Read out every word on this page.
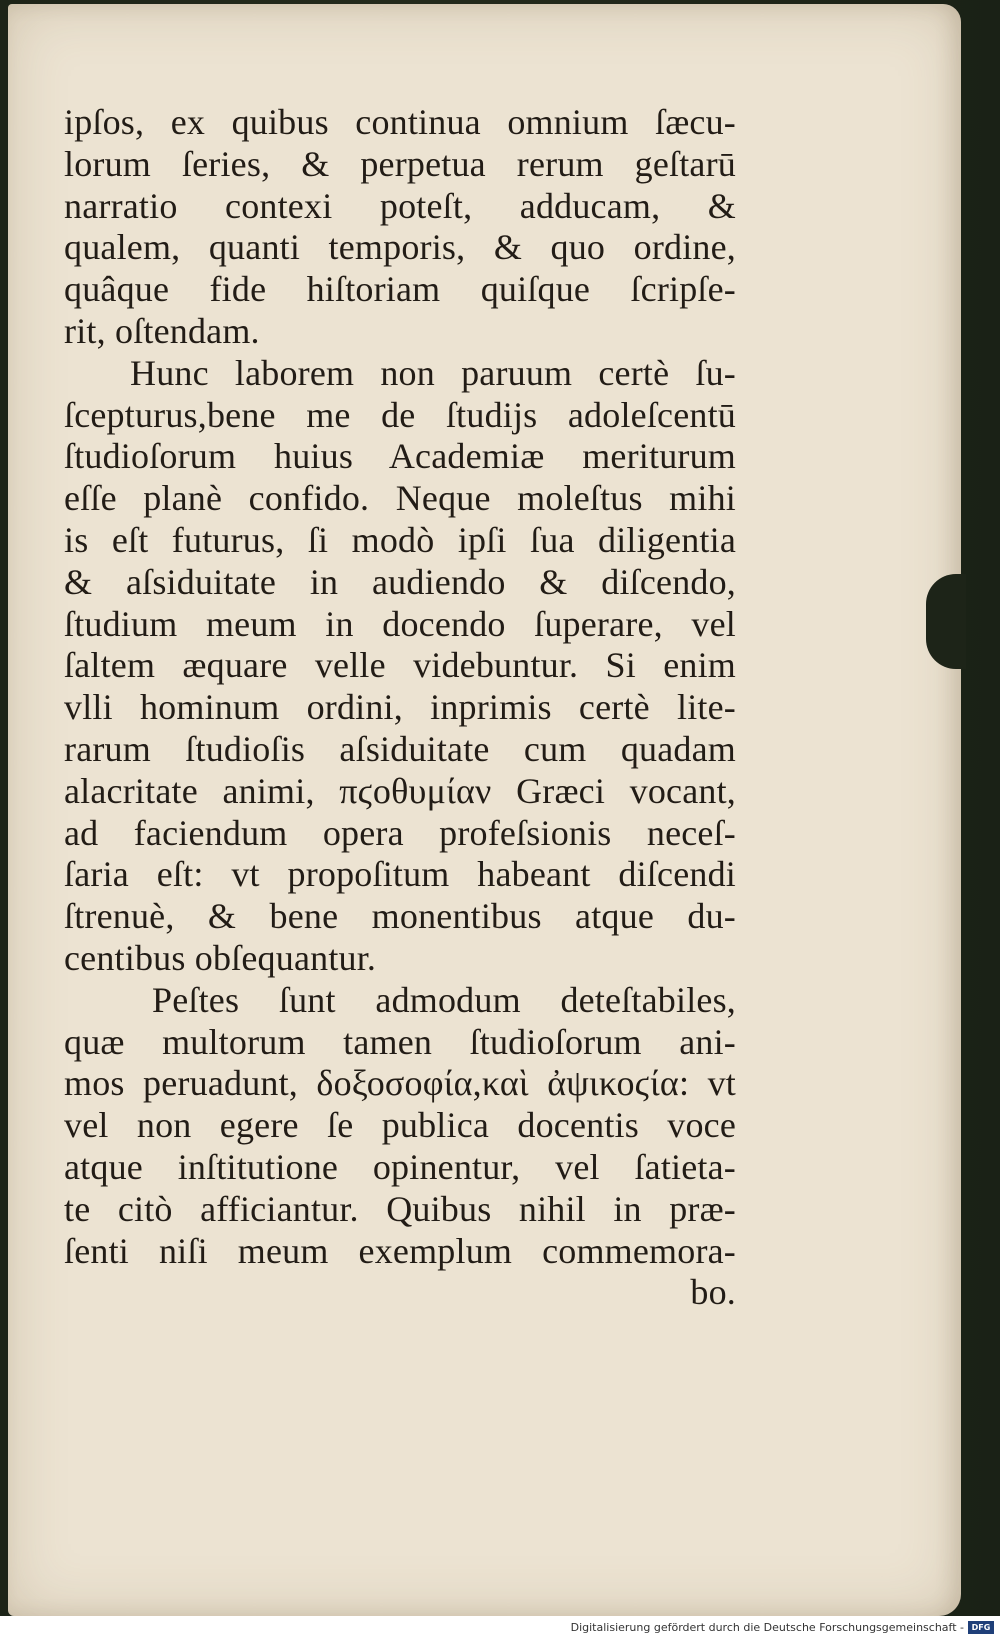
ipſos, ex quibus continua omnium ſæcu-
lorum ſeries, & perpetua rerum geſtarū
narratio contexi poteſt, adducam, &
qualem, quanti temporis, & quo ordine,
quâque fide hiſtoriam quiſque ſcripſe-
rit, oſtendam.
Hunc laborem non paruum certè ſu-
ſcepturus,bene me de ſtudijs adoleſcentū
ſtudioſorum huius Academiæ meriturum
eſſe planè confido. Neque moleſtus mihi
is eſt futurus, ſi modò ipſi ſua diligentia
& aſsiduitate in audiendo & diſcendo,
ſtudium meum in docendo ſuperare, vel
ſaltem æquare velle videbuntur. Si enim
vlli hominum ordini, inprimis certè lite-
rarum ſtudioſis aſsiduitate cum quadam
alacritate animi, πϛοθυμίαν Græci vocant,
ad faciendum opera profeſsionis neceſ-
ſaria eſt: vt propoſitum habeant diſcendi
ſtrenuè, & bene monentibus atque du-
centibus obſequantur.
Peſtes ſunt admodum deteſtabiles,
quæ multorum tamen ſtudioſorum ani-
mos peruadunt, δοξοσοφία,καὶ ἀψικοϛία: vt
vel non egere ſe publica docentis voce
atque inſtitutione opinentur, vel ſatieta-
te citò afficiantur. Quibus nihil in præ-
ſenti niſi meum exemplum commemora-
bo.
Digitalisierung gefördert durch die Deutsche Forschungsgemeinschaft - DFG
